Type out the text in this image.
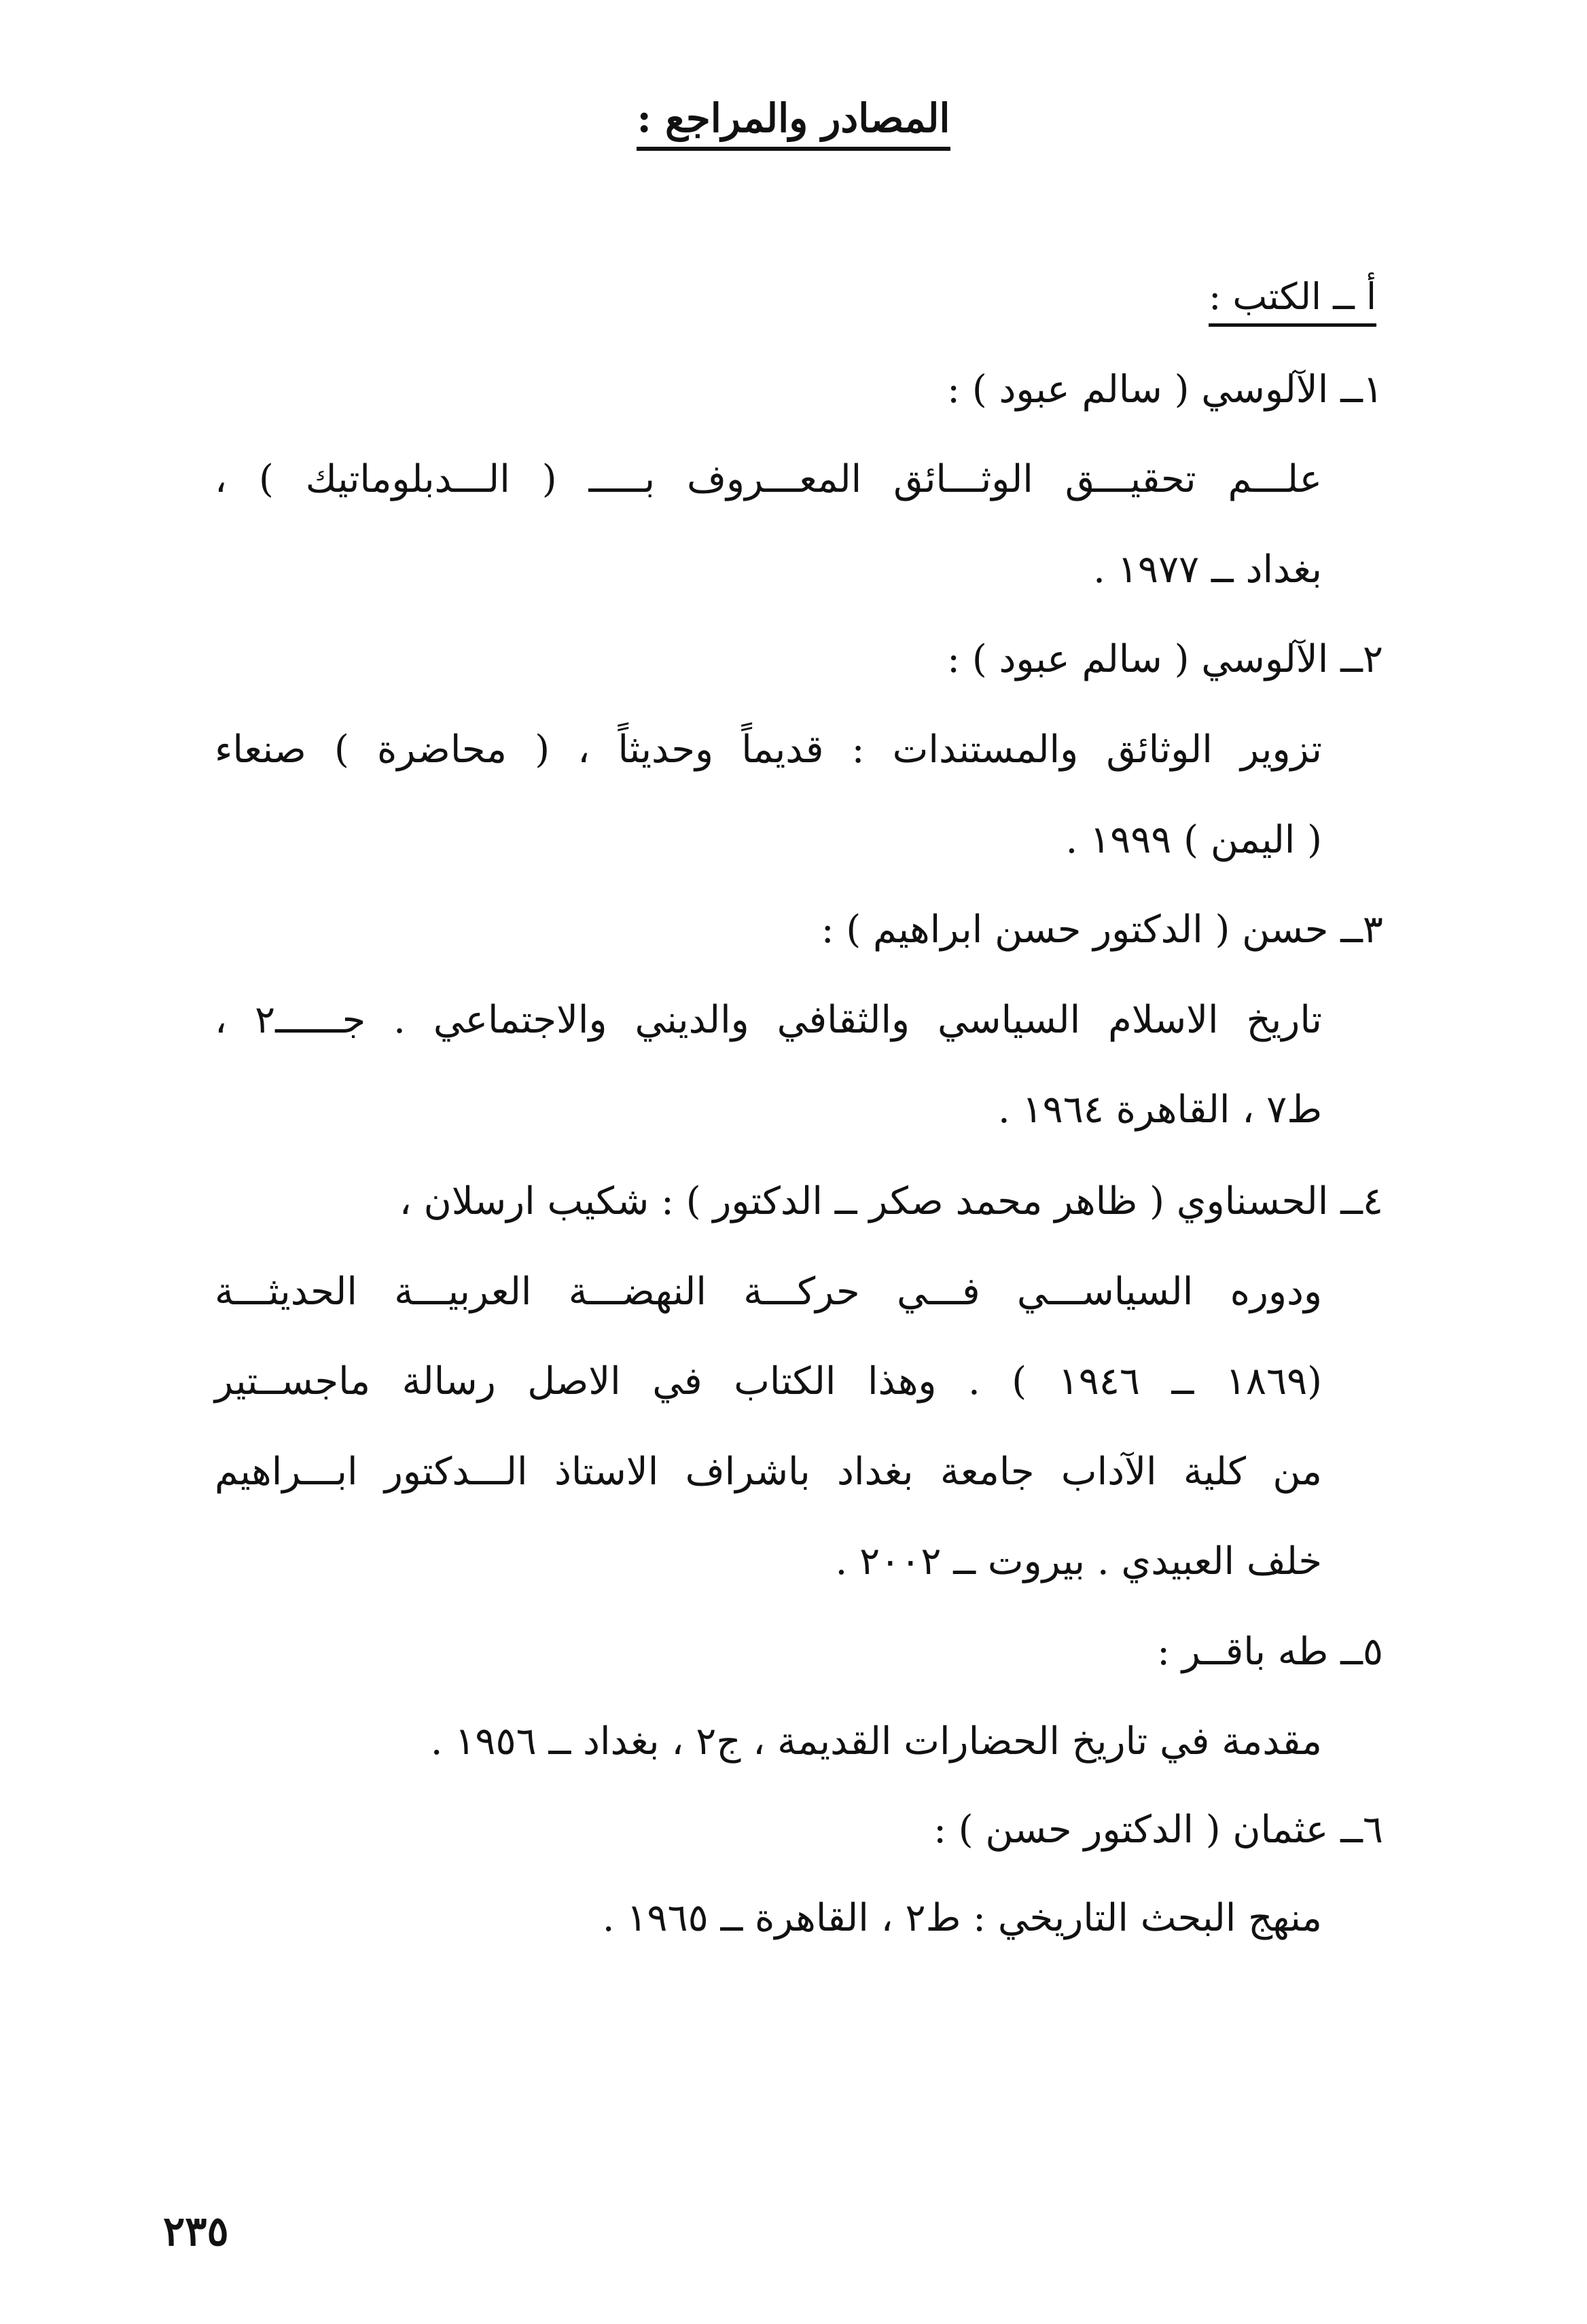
المصادر والمراجع :
أ ــ الكتب :
١ــ الآلوسي ( سالم عبود ) :
علـــم تحقيـــق الوثـــائق المعـــروف بـــــ ( الـــدبلوماتيك ) ،
بغداد ــ ١٩٧٧ .
٢ــ الآلوسي ( سالم عبود ) :
تزوير الوثائق والمستندات : قديماً وحديثاً ، ( محاضرة ) صنعاء
( اليمن ) ١٩٩٩ .
٣ــ حسن ( الدكتور حسن ابراهيم ) :
تاريخ الاسلام السياسي والثقافي والديني والاجتماعي . جــــــ٢ ،
ط٧ ، القاهرة ١٩٦٤ .
٤ــ الحسناوي ( ظاهر محمد صكر ــ الدكتور ) : شكيب ارسلان ،
ودوره السياســـي فـــي حركـــة النهضـــة العربيـــة الحديثـــة
(١٨٦٩ ــ ١٩٤٦ ) . وهذا الكتاب في الاصل رسالة ماجســتير
من كلية الآداب جامعة بغداد باشراف الاستاذ الـــدكتور ابـــراهيم
خلف العبيدي . بيروت ــ ٢٠٠٢ .
٥ــ طه باقــر :
مقدمة في تاريخ الحضارات القديمة ، ج٢ ، بغداد ــ ١٩٥٦ .
٦ــ عثمان ( الدكتور حسن ) :
منهج البحث التاريخي : ط٢ ، القاهرة ــ ١٩٦٥ .
٢٣٥
